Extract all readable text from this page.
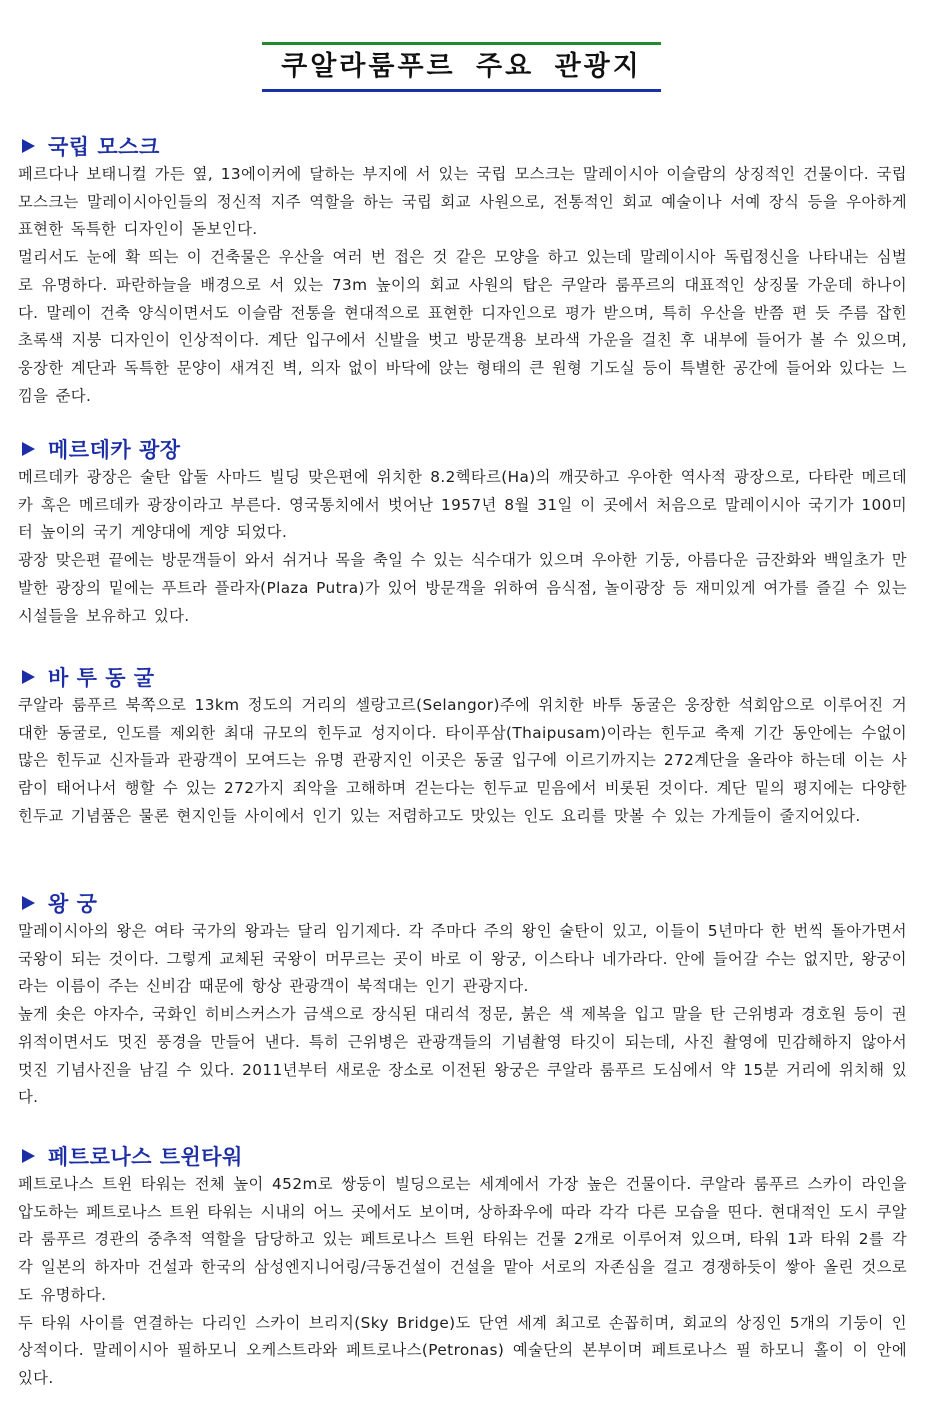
쿠알라룸푸르 주요 관광지
국립 모스크

페르다나 보태니컬 가든 옆, 13에이커에 달하는 부지에 서 있는 국립 모스크는 말레이시아 이슬람의 상징적인 건물이다. 국립 모스크는 말레이시아인들의 정신적 지주 역할을 하는 국립 회교 사원으로, 전통적인 회교 예술이나 서예 장식 등을 우아하게 표현한 독특한 디자인이 돋보인다.

멀리서도 눈에 확 띄는 이 건축물은 우산을 여러 번 접은 것 같은 모양을 하고 있는데 말레이시아 독립정신을 나타내는 심벌로 유명하다. 파란하늘을 배경으로 서 있는 73m 높이의 회교 사원의 탑은 쿠알라 룸푸르의 대표적인 상징물 가운데 하나이다. 말레이 건축 양식이면서도 이슬람 전통을 현대적으로 표현한 디자인으로 평가 받으며, 특히 우산을 반쯤 편 듯 주름 잡힌 초록색 지붕 디자인이 인상적이다. 계단 입구에서 신발을 벗고 방문객용 보라색 가운을 걸친 후 내부에 들어가 볼 수 있으며, 웅장한 계단과 독특한 문양이 새겨진 벽, 의자 없이 바닥에 앉는 형태의 큰 원형 기도실 등이 특별한 공간에 들어와 있다는 느낌을 준다.

메르데카 광장

메르데카 광장은 술탄 압둘 사마드 빌딩 맞은편에 위치한 8.2헥타르(Ha)의 깨끗하고 우아한 역사적 광장으로, 다타란 메르데카 혹은 메르데카 광장이라고 부른다. 영국통치에서 벗어난 1957년 8월 31일 이 곳에서 처음으로 말레이시아 국기가 100미터 높이의 국기 게양대에 게양 되었다.

광장 맞은편 끝에는 방문객들이 와서 쉬거나 목을 축일 수 있는 식수대가 있으며 우아한 기둥, 아름다운 금잔화와 백일초가 만발한 광장의 밑에는 푸트라 플라자(Plaza Putra)가 있어 방문객을 위하여 음식점, 놀이광장 등 재미있게 여가를 즐길 수 있는 시설들을 보유하고 있다.

바 투 동 굴

쿠알라 룸푸르 북쪽으로 13km 정도의 거리의 셀랑고르(Selangor)주에 위치한 바투 동굴은 웅장한 석회암으로 이루어진 거대한 동굴로, 인도를 제외한 최대 규모의 힌두교 성지이다. 타이푸삼(Thaipusam)이라는 힌두교 축제 기간 동안에는 수없이 많은 힌두교 신자들과 관광객이 모여드는 유명 관광지인 이곳은 동굴 입구에 이르기까지는 272계단을 올라야 하는데 이는 사람이 태어나서 행할 수 있는 272가지 죄악을 고해하며 걷는다는 힌두교 믿음에서 비롯된 것이다. 계단 밑의 평지에는 다양한 힌두교 기념품은 물론 현지인들 사이에서 인기 있는 저렴하고도 맛있는 인도 요리를 맛볼 수 있는 가게들이 줄지어있다.

왕 궁

말레이시아의 왕은 여타 국가의 왕과는 달리 임기제다. 각 주마다 주의 왕인 술탄이 있고, 이들이 5년마다 한 번씩 돌아가면서 국왕이 되는 것이다. 그렇게 교체된 국왕이 머무르는 곳이 바로 이 왕궁, 이스타나 네가라다. 안에 들어갈 수는 없지만, 왕궁이라는 이름이 주는 신비감 때문에 항상 관광객이 북적대는 인기 관광지다.

높게 솟은 야자수, 국화인 히비스커스가 금색으로 장식된 대리석 정문, 붉은 색 제복을 입고 말을 탄 근위병과 경호원 등이 권위적이면서도 멋진 풍경을 만들어 낸다. 특히 근위병은 관광객들의 기념촬영 타깃이 되는데, 사진 촬영에 민감해하지 않아서 멋진 기념사진을 남길 수 있다. 2011년부터 새로운 장소로 이전된 왕궁은 쿠알라 룸푸르 도심에서 약 15분 거리에 위치해 있다.

페트로나스 트윈타워

페트로나스 트윈 타워는 전체 높이 452m로 쌍둥이 빌딩으로는 세계에서 가장 높은 건물이다. 쿠알라 룸푸르 스카이 라인을 압도하는 페트로나스 트윈 타워는 시내의 어느 곳에서도 보이며, 상하좌우에 따라 각각 다른 모습을 띤다. 현대적인 도시 쿠알라 룸푸르 경관의 중추적 역할을 담당하고 있는 페트로나스 트윈 타워는 건물 2개로 이루어져 있으며, 타워 1과 타워 2를 각각 일본의 하자마 건설과 한국의 삼성엔지니어링/극동건설이 건설을 맡아 서로의 자존심을 걸고 경쟁하듯이 쌓아 올린 것으로도 유명하다.

두 타워 사이를 연결하는 다리인 스카이 브리지(Sky Bridge)도 단연 세계 최고로 손꼽히며, 회교의 상징인 5개의 기둥이 인상적이다. 말레이시아 필하모니 오케스트라와 페트로나스(Petronas) 예술단의 본부이며 페트로나스 필 하모니 홀이 이 안에 있다.
